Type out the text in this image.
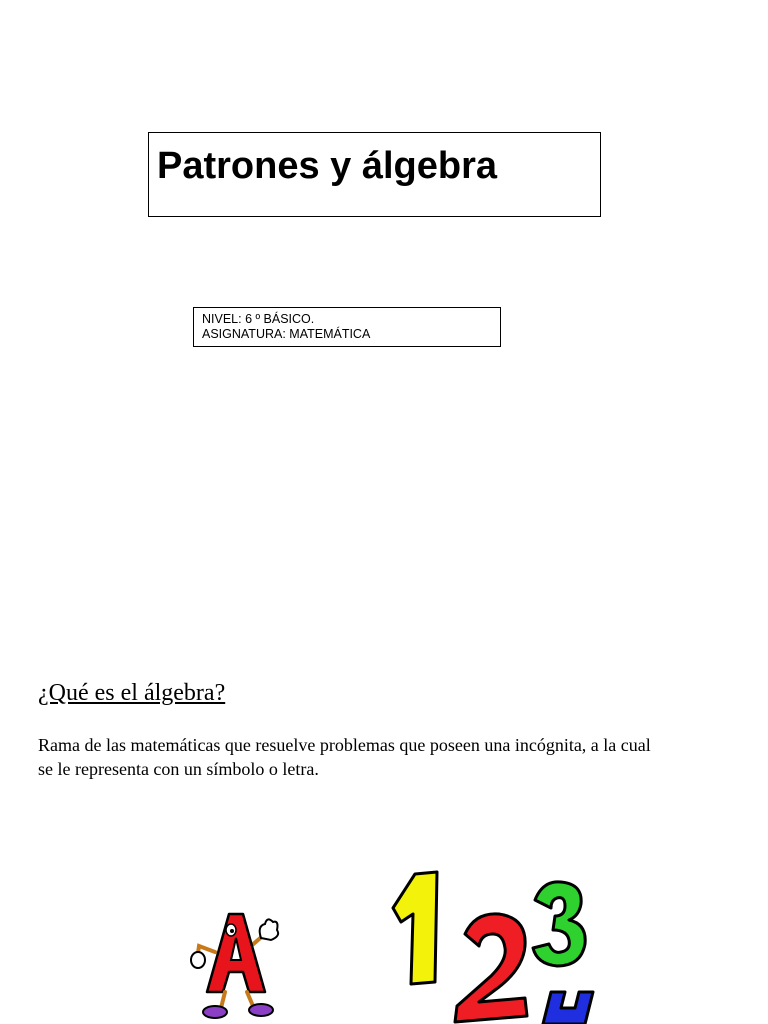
Patrones y álgebra
NIVEL: 6 º BÁSICO.
ASIGNATURA: MATEMÁTICA
¿Qué es el álgebra?

Rama de las matemáticas que resuelve problemas que poseen una incógnita, a la cual
se le representa con un símbolo o letra.
